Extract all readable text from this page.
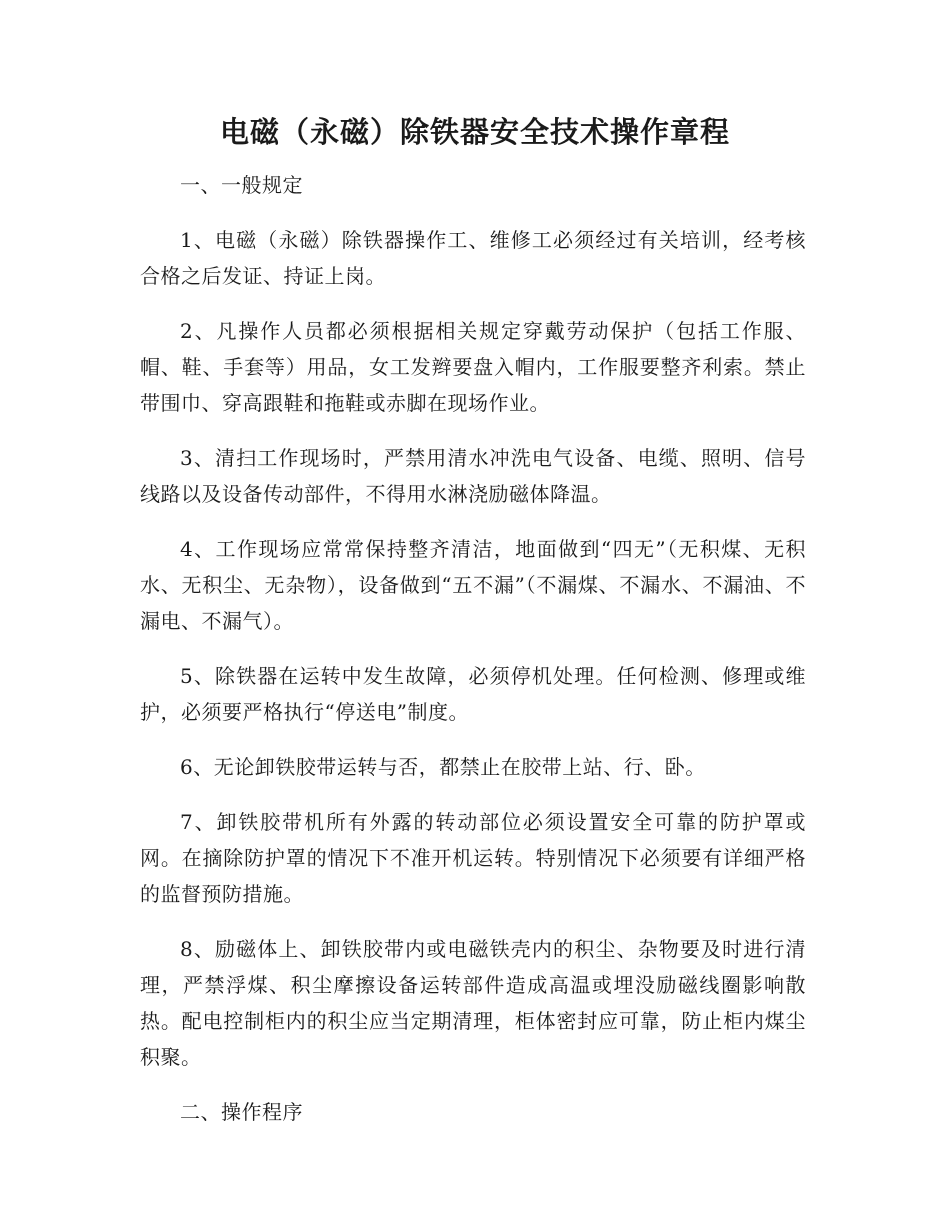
电磁（永磁）除铁器安全技术操作章程

一、一般规定

1、电磁（永磁）除铁器操作工、维修工必须经过有关培训，经考核合格之后发证、持证上岗。

2、凡操作人员都必须根据相关规定穿戴劳动保护（包括工作服、帽、鞋、手套等）用品，女工发辫要盘入帽内，工作服要整齐利索。禁止带围巾、穿高跟鞋和拖鞋或赤脚在现场作业。

3、清扫工作现场时，严禁用清水冲洗电气设备、电缆、照明、信号线路以及设备传动部件，不得用水淋浇励磁体降温。

4、工作现场应常常保持整齐清洁，地面做到“四无”（无积煤、无积水、无积尘、无杂物），设备做到“五不漏”（不漏煤、不漏水、不漏油、不漏电、不漏气）。

5、除铁器在运转中发生故障，必须停机处理。任何检测、修理或维护，必须要严格执行“停送电”制度。

6、无论卸铁胶带运转与否，都禁止在胶带上站、行、卧。

7、卸铁胶带机所有外露的转动部位必须设置安全可靠的防护罩或网。在摘除防护罩的情况下不准开机运转。特别情况下必须要有详细严格的监督预防措施。

8、励磁体上、卸铁胶带内或电磁铁壳内的积尘、杂物要及时进行清理，严禁浮煤、积尘摩擦设备运转部件造成高温或埋没励磁线圈影响散热。配电控制柜内的积尘应当定期清理，柜体密封应可靠，防止柜内煤尘积聚。

二、操作程序
